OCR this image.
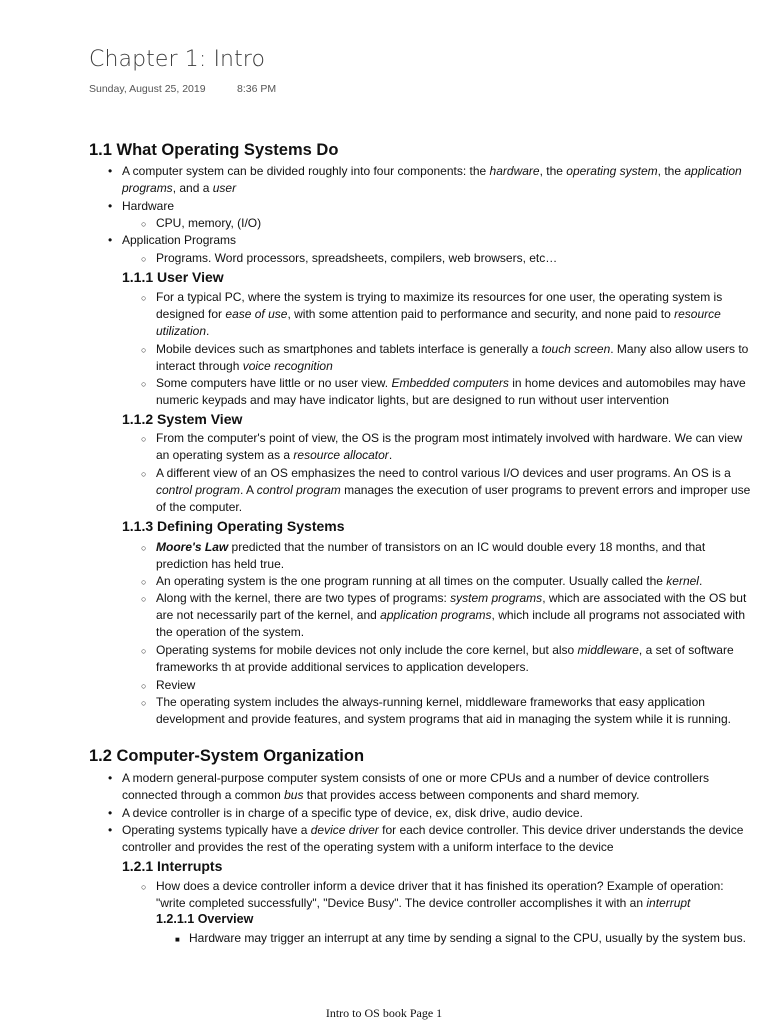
Chapter 1: Intro
Sunday, August 25, 2019	8:36 PM
1.1 What Operating Systems Do
• A computer system can be divided roughly into four components: the hardware, the operating system, the application programs, and a user
• Hardware
○ CPU, memory, (I/O)
• Application Programs
○ Programs. Word processors, spreadsheets, compilers, web browsers, etc…
1.1.1 User View
○ For a typical PC, where the system is trying to maximize its resources for one user, the operating system is designed for ease of use, with some attention paid to performance and security, and none paid to resource utilization.
○ Mobile devices such as smartphones and tablets interface is generally a touch screen. Many also allow users to interact through voice recognition
○ Some computers have little or no user view. Embedded computers in home devices and automobiles may have numeric keypads and may have indicator lights, but are designed to run without user intervention
1.1.2 System View
○ From the computer's point of view, the OS is the program most intimately involved with hardware. We can view an operating system as a resource allocator.
○ A different view of an OS emphasizes the need to control various I/O devices and user programs. An OS is a control program. A control program manages the execution of user programs to prevent errors and improper use of the computer.
1.1.3 Defining Operating Systems
○ Moore's Law predicted that the number of transistors on an IC would double every 18 months, and that prediction has held true.
○ An operating system is the one program running at all times on the computer. Usually called the kernel.
○ Along with the kernel, there are two types of programs: system programs, which are associated with the OS but are not necessarily part of the kernel, and application programs, which include all programs not associated with the operation of the system.
○ Operating systems for mobile devices not only include the core kernel, but also middleware, a set of software frameworks th at provide additional services to application developers.
○ Review
○ The operating system includes the always-running kernel, middleware frameworks that easy application development and provide features, and system programs that aid in managing the system while it is running.
1.2 Computer-System Organization
• A modern general-purpose computer system consists of one or more CPUs and a number of device controllers connected through a common bus that provides access between components and shard memory.
• A device controller is in charge of a specific type of device, ex, disk drive, audio device.
• Operating systems typically have a device driver for each device controller. This device driver understands the device controller and provides the rest of the operating system with a uniform interface to the device
1.2.1 Interrupts
○ How does a device controller inform a device driver that it has finished its operation? Example of operation: "write completed successfully", "Device Busy". The device controller accomplishes it with an interrupt
1.2.1.1 Overview
■ Hardware may trigger an interrupt at any time by sending a signal to the CPU, usually by the system bus.
Intro to OS book Page 1
